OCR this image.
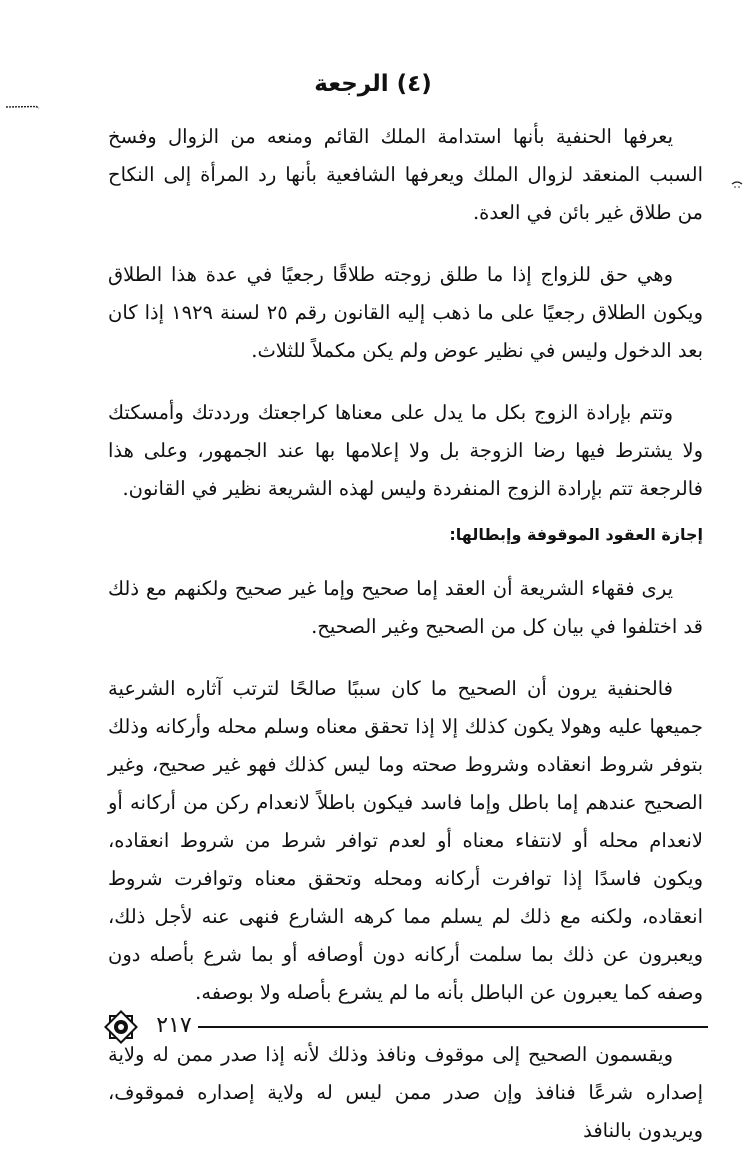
(٤) الرجعة

يعرفها الحنفية بأنها استدامة الملك القائم ومنعه من الزوال وفسخ السبب المنعقد لزوال الملك ويعرفها الشافعية بأنها رد المرأة إلى النكاح من طلاق غير بائن في العدة.

وهي حق للزواج إذا ما طلق زوجته طلاقًا رجعيًا في عدة هذا الطلاق ويكون الطلاق رجعيًا على ما ذهب إليه القانون رقم ٢٥ لسنة ١٩٢٩ إذا كان بعد الدخول وليس في نظير عوض ولم يكن مكملاً للثلاث.

وتتم بإرادة الزوج بكل ما يدل على معناها كراجعتك ورددتك وأمسكتك ولا يشترط فيها رضا الزوجة بل ولا إعلامها بها عند الجمهور، وعلى هذا فالرجعة تتم بإرادة الزوج المنفردة وليس لهذه الشريعة نظير في القانون.

إجازة العقود الموقوفة وإبطالها:

يرى فقهاء الشريعة أن العقد إما صحيح وإما غير صحيح ولكنهم مع ذلك قد اختلفوا في بيان كل من الصحيح وغير الصحيح.

فالحنفية يرون أن الصحيح ما كان سببًا صالحًا لترتب آثاره الشرعية جميعها عليه وهولا يكون كذلك إلا إذا تحقق معناه وسلم محله وأركانه وذلك بتوفر شروط انعقاده وشروط صحته وما ليس كذلك فهو غير صحيح، وغير الصحيح عندهم إما باطل وإما فاسد فيكون باطلاً لانعدام ركن من أركانه أو لانعدام محله أو لانتفاء معناه أو لعدم توافر شرط من شروط انعقاده، ويكون فاسدًا إذا توافرت أركانه ومحله وتحقق معناه وتوافرت شروط انعقاده، ولكنه مع ذلك لم يسلم مما كرهه الشارع فنهى عنه لأجل ذلك، ويعبرون عن ذلك بما سلمت أركانه دون أوصافه أو بما شرع بأصله دون وصفه كما يعبرون عن الباطل بأنه ما لم يشرع بأصله ولا بوصفه.

ويقسمون الصحيح إلى موقوف ونافذ وذلك لأنه إذا صدر ممن له ولاية إصداره شرعًا فنافذ وإن صدر ممن ليس له ولاية إصداره فموقوف، ويريدون بالنافذ

٢١٧
